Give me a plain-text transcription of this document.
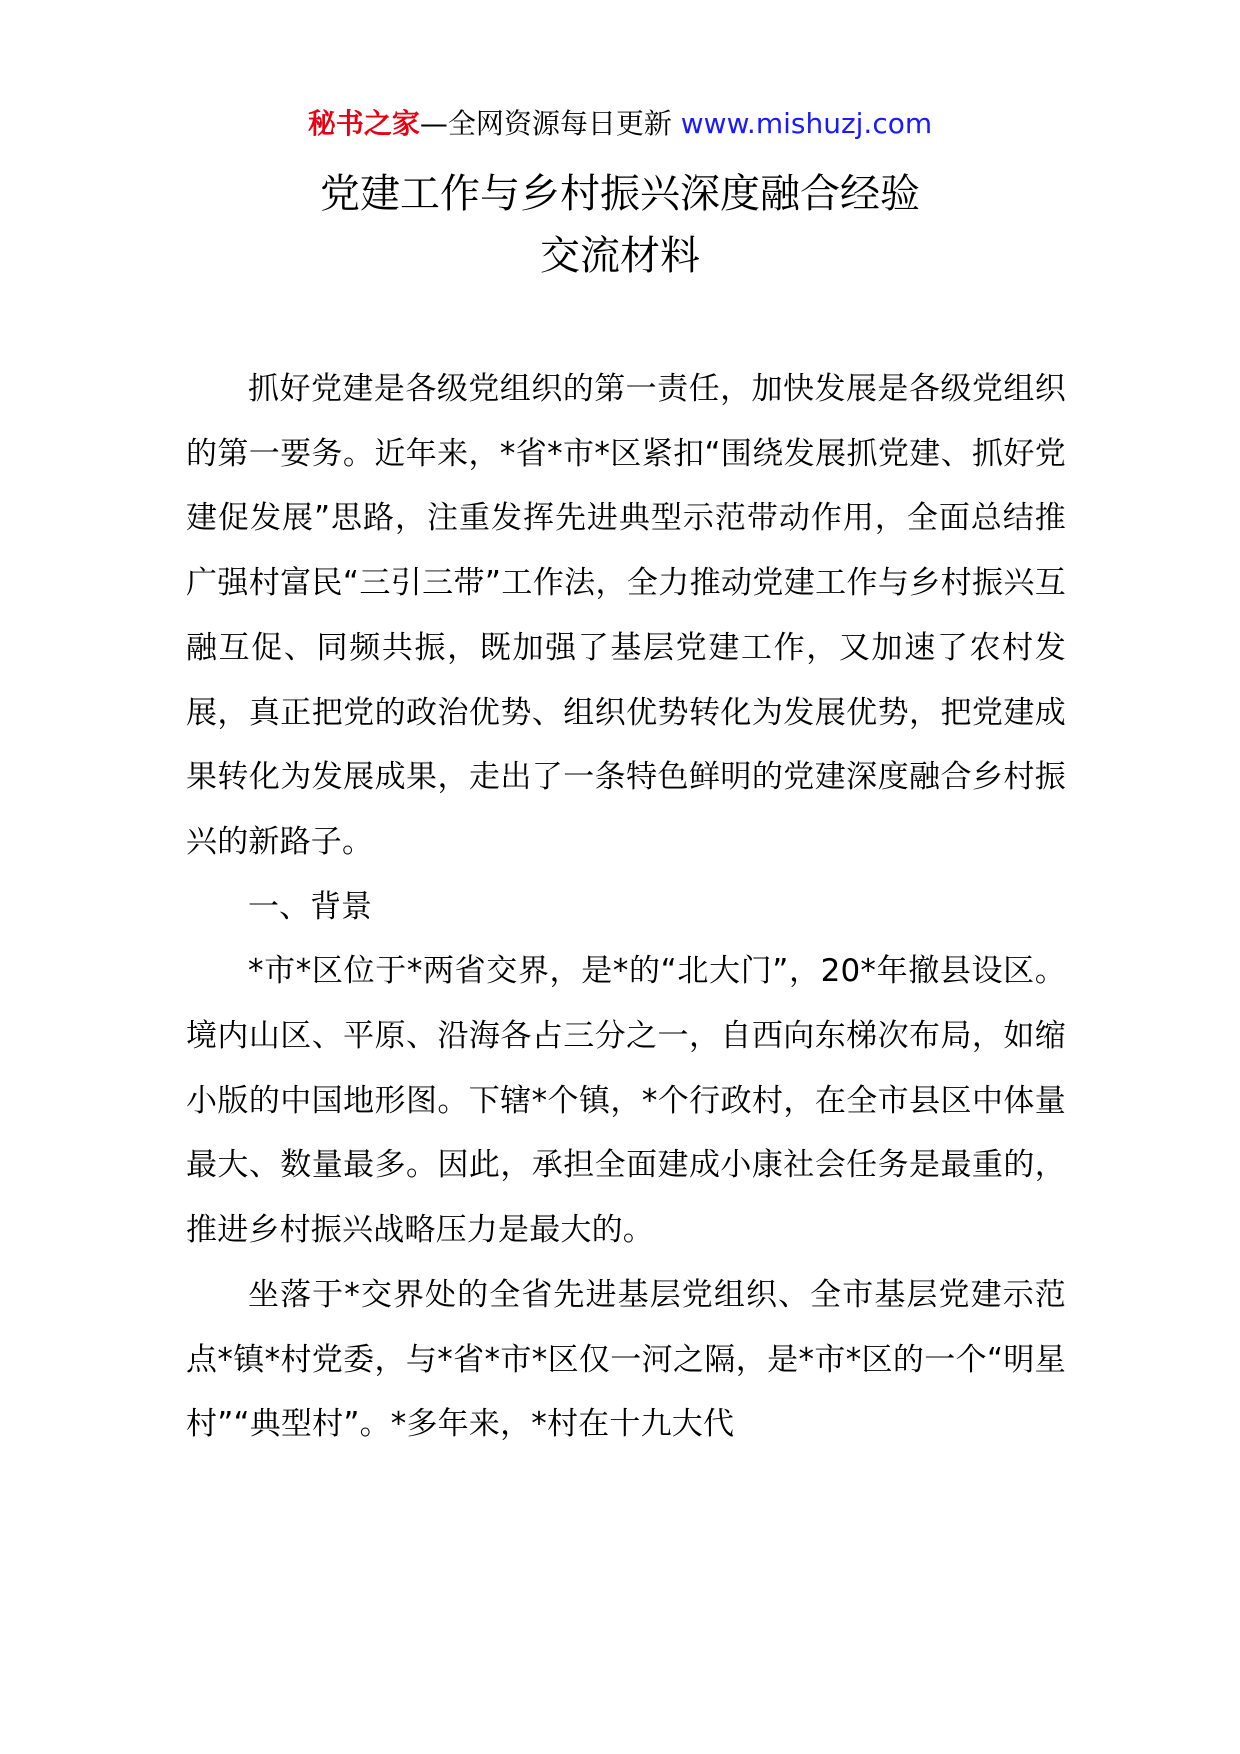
秘书之家—全网资源每日更新 www.mishuzj.com
党建工作与乡村振兴深度融合经验
交流材料

抓好党建是各级党组织的第一责任，加快发展是各级党组织的第一要务。近年来，*省*市*区紧扣“围绕发展抓党建、抓好党建促发展”思路，注重发挥先进典型示范带动作用，全面总结推广强村富民“三引三带”工作法，全力推动党建工作与乡村振兴互融互促、同频共振，既加强了基层党建工作，又加速了农村发展，真正把党的政治优势、组织优势转化为发展优势，把党建成果转化为发展成果，走出了一条特色鲜明的党建深度融合乡村振兴的新路子。

一、背景

*市*区位于*两省交界，是*的“北大门”，20*年撤县设区。境内山区、平原、沿海各占三分之一，自西向东梯次布局，如缩小版的中国地形图。下辖*个镇，*个行政村，在全市县区中体量最大、数量最多。因此，承担全面建成小康社会任务是最重的，推进乡村振兴战略压力是最大的。

坐落于*交界处的全省先进基层党组织、全市基层党建示范点*镇*村党委，与*省*市*区仅一河之隔，是*市*区的一个“明星村”“典型村”。*多年来，*村在十九大代
